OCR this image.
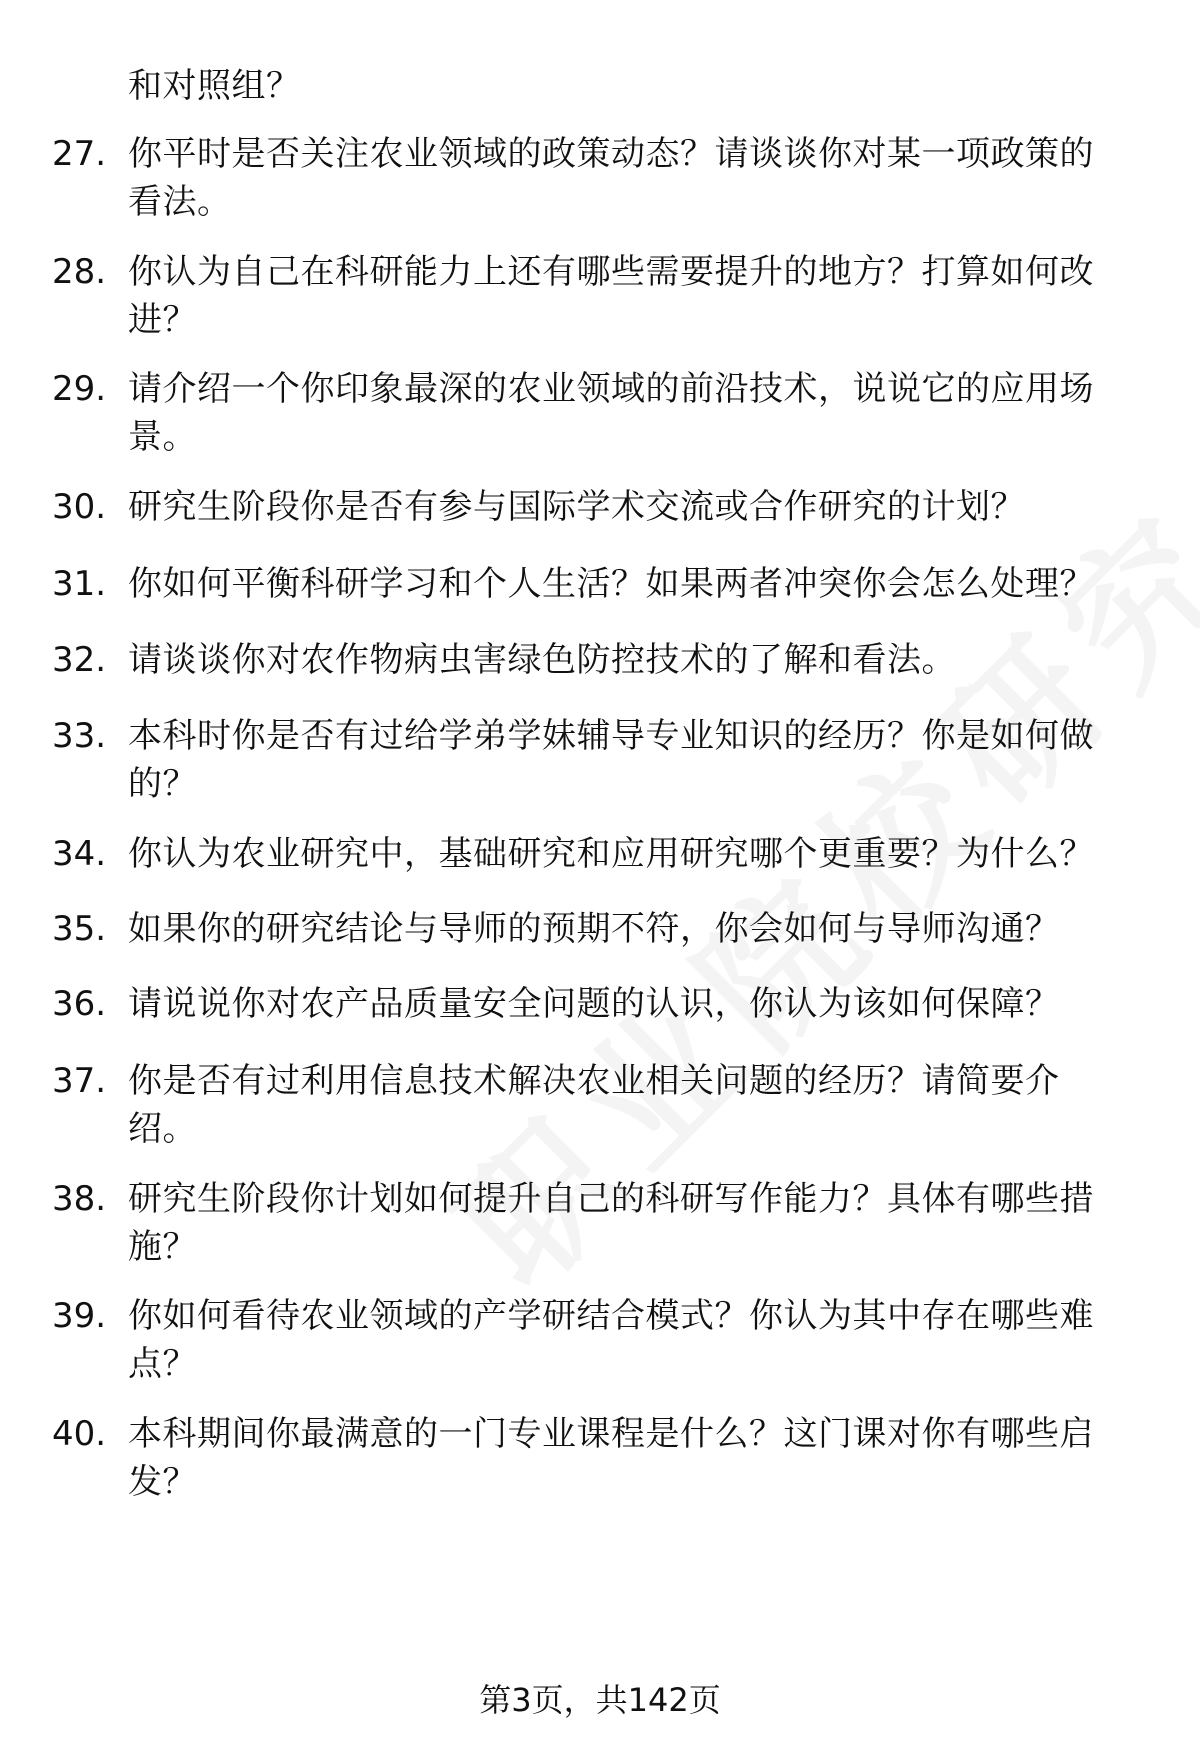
和对照组？
27. 你平时是否关注农业领域的政策动态？请谈谈你对某一项政策的
看法。
28. 你认为自己在科研能力上还有哪些需要提升的地方？打算如何改
进？
29. 请介绍一个你印象最深的农业领域的前沿技术，说说它的应用场
景。
30. 研究生阶段你是否有参与国际学术交流或合作研究的计划？
31. 你如何平衡科研学习和个人生活？如果两者冲突你会怎么处理？
32. 请谈谈你对农作物病虫害绿色防控技术的了解和看法。
33. 本科时你是否有过给学弟学妹辅导专业知识的经历？你是如何做
的？
34. 你认为农业研究中，基础研究和应用研究哪个更重要？为什么？
35. 如果你的研究结论与导师的预期不符，你会如何与导师沟通？
36. 请说说你对农产品质量安全问题的认识，你认为该如何保障？
37. 你是否有过利用信息技术解决农业相关问题的经历？请简要介
绍。
38. 研究生阶段你计划如何提升自己的科研写作能力？具体有哪些措
施？
39. 你如何看待农业领域的产学研结合模式？你认为其中存在哪些难
点？
40. 本科期间你最满意的一门专业课程是什么？这门课对你有哪些启
发？
第3页，共142页
